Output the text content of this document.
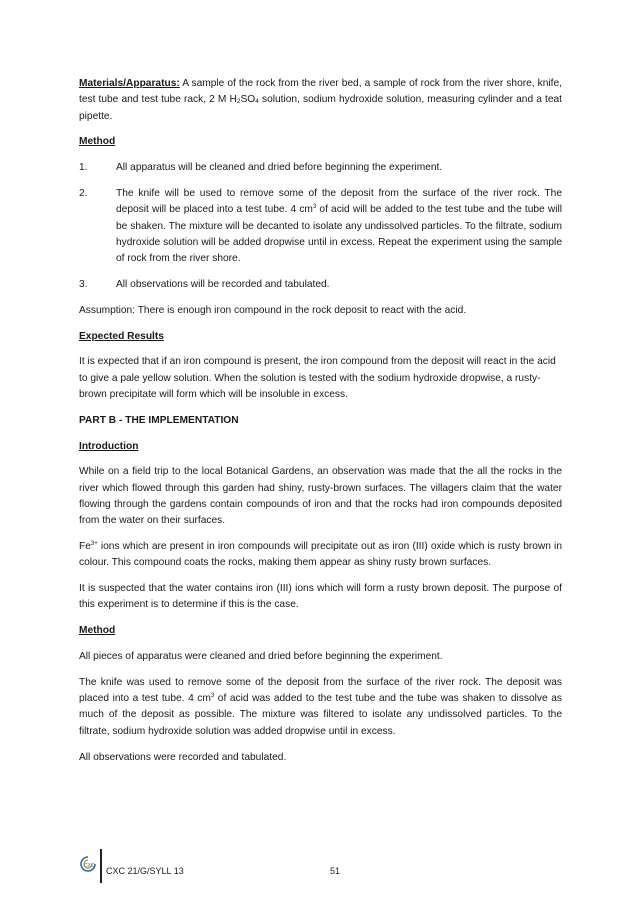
Materials/Apparatus: A sample of the rock from the river bed, a sample of rock from the river shore, knife, test tube and test tube rack, 2 M $H_2SO_4$ solution, sodium hydroxide solution, measuring cylinder and a teat pipette.

Method

1.	All apparatus will be cleaned and dried before beginning the experiment.

2.	The knife will be used to remove some of the deposit from the surface of the river rock. The deposit will be placed into a test tube. 4 $cm^3$ of acid will be added to the test tube and the tube will be shaken. The mixture will be decanted to isolate any undissolved particles. To the filtrate, sodium hydroxide solution will be added dropwise until in excess. Repeat the experiment using the sample of rock from the river shore.

3.	All observations will be recorded and tabulated.

Assumption: There is enough iron compound in the rock deposit to react with the acid.

Expected Results

It is expected that if an iron compound is present, the iron compound from the deposit will react in the acid to give a pale yellow solution. When the solution is tested with the sodium hydroxide dropwise, a rusty-brown precipitate will form which will be insoluble in excess.

PART B - THE IMPLEMENTATION

Introduction

While on a field trip to the local Botanical Gardens, an observation was made that the all the rocks in the river which flowed through this garden had shiny, rusty-brown surfaces. The villagers claim that the water flowing through the gardens contain compounds of iron and that the rocks had iron compounds deposited from the water on their surfaces.

$Fe^{3+}$ ions which are present in iron compounds will precipitate out as iron (III) oxide which is rusty brown in colour. This compound coats the rocks, making them appear as shiny rusty brown surfaces.

It is suspected that the water contains iron (III) ions which will form a rusty brown deposit. The purpose of this experiment is to determine if this is the case.

Method

All pieces of apparatus were cleaned and dried before beginning the experiment.

The knife was used to remove some of the deposit from the surface of the river rock. The deposit was placed into a test tube. 4 $cm^3$ of acid was added to the test tube and the tube was shaken to dissolve as much of the deposit as possible. The mixture was filtered to isolate any undissolved particles. To the filtrate, sodium hydroxide solution was added dropwise until in excess.

All observations were recorded and tabulated.

CXC CXC 21/G/SYLL 13	51
